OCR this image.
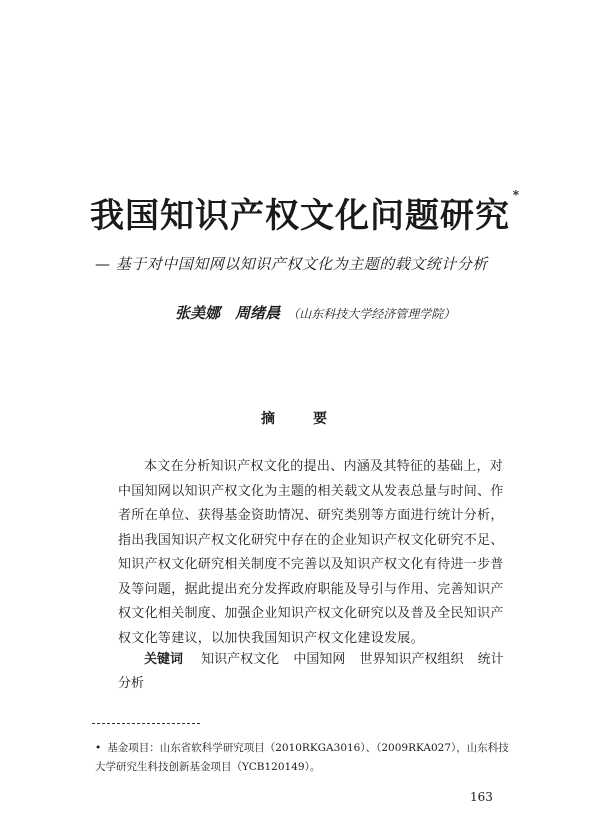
我国知识产权文化问题研究
*
— 基于对中国知网以知识产权文化为主题的载文统计分析
张美娜　周绪晨 （山东科技大学经济管理学院）
摘　要
本文在分析知识产权文化的提出、内涵及其特征的基础上，对
中国知网以知识产权文化为主题的相关载文从发表总量与时间、作
者所在单位、获得基金资助情况、研究类别等方面进行统计分析，
指出我国知识产权文化研究中存在的企业知识产权文化研究不足、
知识产权文化研究相关制度不完善以及知识产权文化有待进一步普
及等问题，据此提出充分发挥政府职能及导引与作用、完善知识产
权文化相关制度、加强企业知识产权文化研究以及普及全民知识产
权文化等建议，以加快我国知识产权文化建设发展。
关键词 知识产权文化 中国知网 世界知识产权组织 统计
分析
• 基金项目：山东省软科学研究项目（2010RKGA3016）、（2009RKA027），山东科技
大学研究生科技创新基金项目（YCB120149）。
163
